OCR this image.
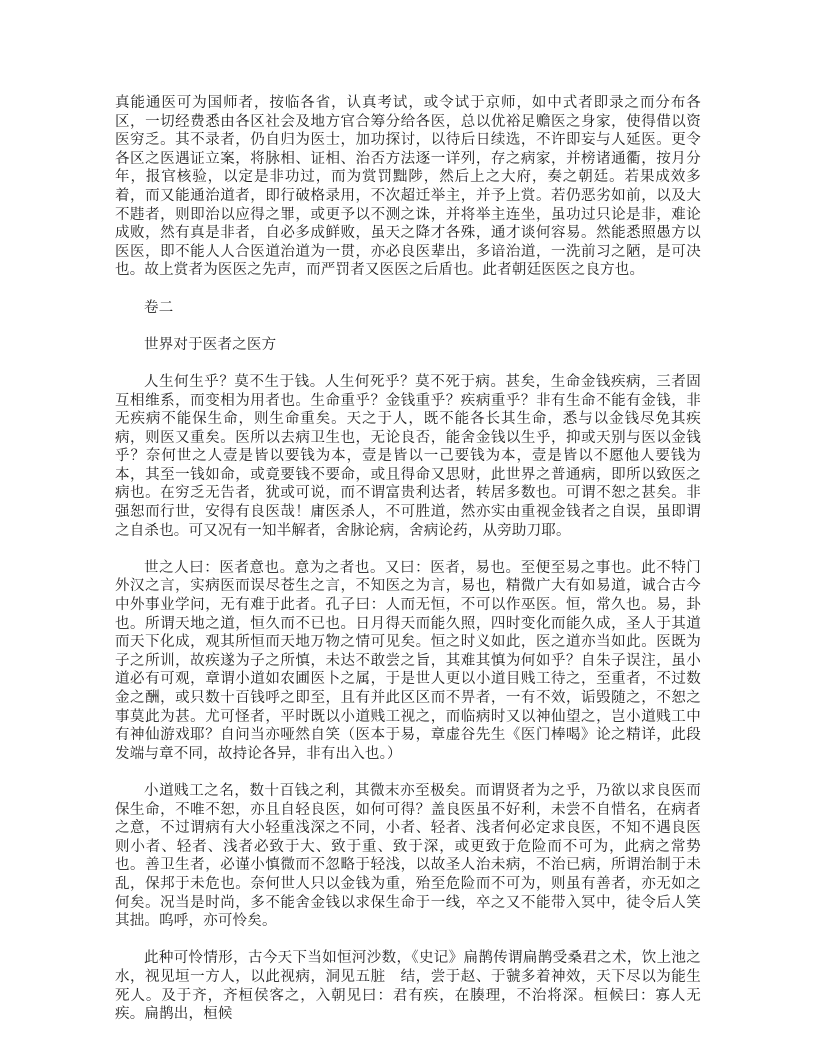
真能通医可为国师者，按临各省，认真考试，或令试于京师，如中式者即录之而分布各区，一切经费悉由各区社会及地方官合筹分给各医，总以优裕足赡医之身家，使得借以资医穷乏。其不录者，仍自归为医士，加功探讨，以待后日续选，不许即妄与人延医。更令各区之医遇证立案，将脉相、证相、治否方法逐一详列，存之病家，并榜诸通衢，按月分年，报官核验，以定是非功过，而为赏罚黜陟，然后上之大府，奏之朝廷。若果成效多着，而又能通治道者，即行破格录用，不次超迁举主，并予上赏。若仍恶劣如前，以及大不韪者，则即治以应得之罪，或更予以不测之诛，并将举主连坐，虽功过只论是非，难论成败，然有真是非者，自必多成鲜败，虽天之降才各殊，通才谈何容易。然能悉照愚方以医医，即不能人人合医道治道为一贯，亦必良医辈出，多谙治道，一洗前习之陋，是可决也。故上赏者为医医之先声，而严罚者又医医之后盾也。此者朝廷医医之良方也。

卷二

世界对于医者之医方

人生何生乎？莫不生于钱。人生何死乎？莫不死于病。甚矣，生命金钱疾病，三者固互相维系，而变相为用者也。生命重乎？金钱重乎？疾病重乎？非有生命不能有金钱，非无疾病不能保生命，则生命重矣。天之于人，既不能各长其生命，悉与以金钱尽免其疾病，则医又重矣。医所以去病卫生也，无论良否，能舍金钱以生乎，抑或天别与医以金钱乎？奈何世之人壹是皆以要钱为本，壹是皆以一己要钱为本，壹是皆以不愿他人要钱为本，其至一钱如命，或竟要钱不要命，或且得命又思财，此世界之普通病，即所以致医之病也。在穷乏无告者，犹或可说，而不谓富贵利达者，转居多数也。可谓不恕之甚矣。非强恕而行世，安得有良医哉！庸医杀人，不可胜道，然亦实由重视金钱者之自误，虽即谓之自杀也。可又况有一知半解者，舍脉论病，舍病论药，从旁助刀耶。

世之人曰：医者意也。意为之者也。又曰：医者，易也。至便至易之事也。此不特门外汉之言，实病医而误尽苍生之言，不知医之为言，易也，精微广大有如易道，诚合古今中外事业学问，无有难于此者。孔子曰：人而无恒，不可以作巫医。恒，常久也。易，卦也。所谓天地之道，恒久而不已也。日月得天而能久照，四时变化而能久成，圣人于其道而天下化成，观其所恒而天地万物之情可见矣。恒之时义如此，医之道亦当如此。医既为子之所训，故疾遂为子之所慎，未达不敢尝之旨，其难其慎为何如乎？自朱子误注，虽小道必有可观，章谓小道如农圃医卜之属，于是世人更以小道目贱工待之，至重者，不过数金之酬，或只数十百钱呼之即至，且有并此区区而不畀者，一有不效，诟毁随之，不恕之事莫此为甚。尤可怪者，平时既以小道贱工视之，而临病时又以神仙望之，岂小道贱工中有神仙游戏耶？自问当亦哑然自笑（医本于易，章虚谷先生《医门棒喝》论之精详，此段发端与章不同，故持论各异，非有出入也。）

小道贱工之名，数十百钱之利，其微末亦至极矣。而谓贤者为之乎，乃欲以求良医而保生命，不唯不恕，亦且自轻良医，如何可得？盖良医虽不好利，未尝不自惜名，在病者之意，不过谓病有大小轻重浅深之不同，小者、轻者、浅者何必定求良医，不知不遇良医则小者、轻者、浅者必致于大、致于重、致于深，或更致于危险而不可为，此病之常势也。善卫生者，必谨小慎微而不忽略于轻浅，以故圣人治未病，不治已病，所谓治制于未乱，保邦于未危也。奈何世人只以金钱为重，殆至危险而不可为，则虽有善者，亦无如之何矣。况当是时尚，多不能舍金钱以求保生命于一线，卒之又不能带入冥中，徒令后人笑其拙。呜呼，亦可怜矣。

此种可怜情形，古今天下当如恒河沙数，《史记》扁鹊传谓扁鹊受桑君之术，饮上池之水，视见垣一方人，以此视病，洞见五脏　结，尝于赵、于虢多着神效，天下尽以为能生死人。及于齐，齐桓侯客之，入朝见曰：君有疾，在腠理，不治将深。桓候曰：寡人无疾。扁鹊出，桓候
